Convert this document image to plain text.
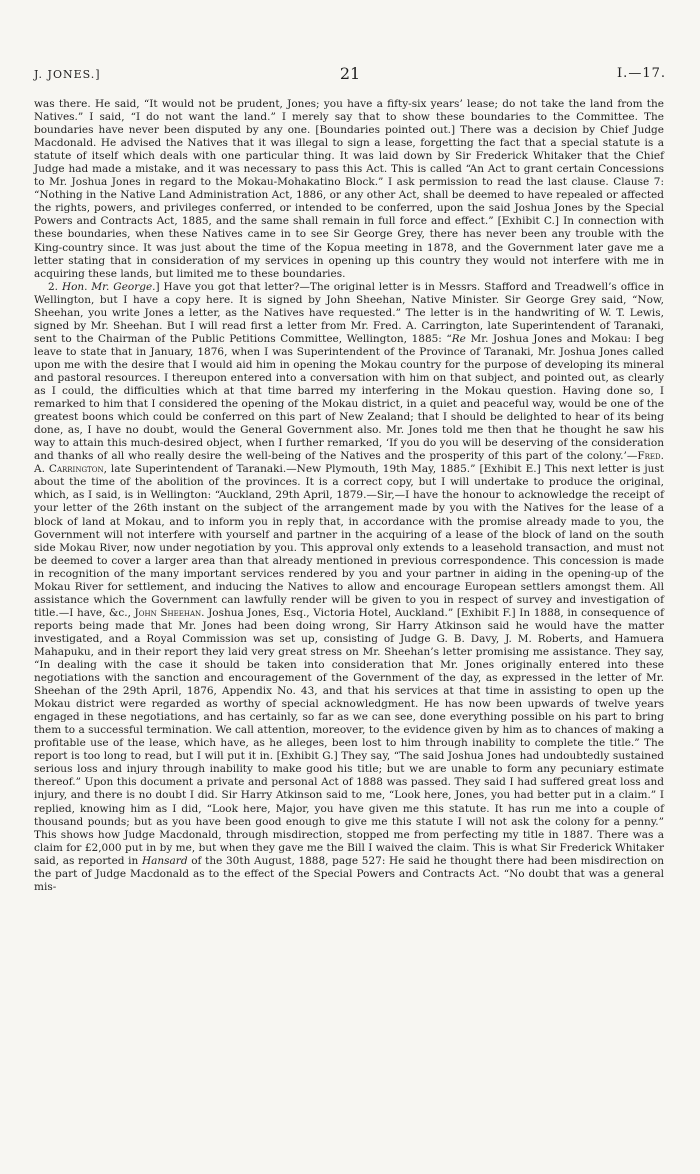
J. JONES.]	21	I.—17.

was there. He said, “It would not be prudent, Jones; you have a fifty-six years’ lease; do not take the land from the Natives.” I said, “I do not want the land.” I merely say that to show these boundaries to the Committee. The boundaries have never been disputed by any one. [Boundaries pointed out.] There was a decision by Chief Judge Macdonald. He advised the Natives that it was illegal to sign a lease, forgetting the fact that a special statute is a statute of itself which deals with one particular thing. It was laid down by Sir Frederick Whitaker that the Chief Judge had made a mistake, and it was necessary to pass this Act. This is called “An Act to grant certain Concessions to Mr. Joshua Jones in regard to the Mokau-Mohakatino Block.” I ask permission to read the last clause. Clause 7: “Nothing in the Native Land Administration Act, 1886, or any other Act, shall be deemed to have repealed or affected the rights, powers, and privileges conferred, or intended to be conferred, upon the said Joshua Jones by the Special Powers and Contracts Act, 1885, and the same shall remain in full force and effect.” [Exhibit C.] In connection with these boundaries, when these Natives came in to see Sir George Grey, there has never been any trouble with the King-country since. It was just about the time of the Kopua meeting in 1878, and the Government later gave me a letter stating that in consideration of my services in opening up this country they would not interfere with me in acquiring these lands, but limited me to these boundaries.

2. Hon. Mr. George.] Have you got that letter?—The original letter is in Messrs. Stafford and Treadwell’s office in Wellington, but I have a copy here. It is signed by John Sheehan, Native Minister. Sir George Grey said, “Now, Sheehan, you write Jones a letter, as the Natives have requested.” The letter is in the handwriting of W. T. Lewis, signed by Mr. Sheehan. But I will read first a letter from Mr. Fred. A. Carrington, late Superintendent of Taranaki, sent to the Chairman of the Public Petitions Committee, Wellington, 1885: “Re Mr. Joshua Jones and Mokau: I beg leave to state that in January, 1876, when I was Superintendent of the Province of Taranaki, Mr. Joshua Jones called upon me with the desire that I would aid him in opening the Mokau country for the purpose of developing its mineral and pastoral resources. I thereupon entered into a conversation with him on that subject, and pointed out, as clearly as I could, the difficulties which at that time barred my interfering in the Mokau question. Having done so, I remarked to him that I considered the opening of the Mokau district, in a quiet and peaceful way, would be one of the greatest boons which could be conferred on this part of New Zealand; that I should be delighted to hear of its being done, as, I have no doubt, would the General Government also. Mr. Jones told me then that he thought he saw his way to attain this much-desired object, when I further remarked, ‘If you do you will be deserving of the consideration and thanks of all who really desire the well-being of the Natives and the prosperity of this part of the colony.’—Fred. A. Carrington, late Superintendent of Taranaki.—New Plymouth, 19th May, 1885.” [Exhibit E.] This next letter is just about the time of the abolition of the provinces. It is a correct copy, but I will undertake to produce the original, which, as I said, is in Wellington: “Auckland, 29th April, 1879.—Sir,—I have the honour to acknowledge the receipt of your letter of the 26th instant on the subject of the arrangement made by you with the Natives for the lease of a block of land at Mokau, and to inform you in reply that, in accordance with the promise already made to you, the Government will not interfere with yourself and partner in the acquiring of a lease of the block of land on the south side Mokau River, now under negotiation by you. This approval only extends to a leasehold transaction, and must not be deemed to cover a larger area than that already mentioned in previous correspondence. This concession is made in recognition of the many important services rendered by you and your partner in aiding in the opening-up of the Mokau River for settlement, and inducing the Natives to allow and encourage European settlers amongst them. All assistance which the Government can lawfully render will be given to you in respect of survey and investigation of title.—I have, &c., John Sheehan. Joshua Jones, Esq., Victoria Hotel, Auckland.” [Exhibit F.] In 1888, in consequence of reports being made that Mr. Jones had been doing wrong, Sir Harry Atkinson said he would have the matter investigated, and a Royal Commission was set up, consisting of Judge G. B. Davy, J. M. Roberts, and Hamuera Mahapuku, and in their report they laid very great stress on Mr. Sheehan’s letter promising me assistance. They say, “In dealing with the case it should be taken into consideration that Mr. Jones originally entered into these negotiations with the sanction and encouragement of the Government of the day, as expressed in the letter of Mr. Sheehan of the 29th April, 1876, Appendix No. 43, and that his services at that time in assisting to open up the Mokau district were regarded as worthy of special acknowledgment. He has now been upwards of twelve years engaged in these negotiations, and has certainly, so far as we can see, done everything possible on his part to bring them to a successful termination. We call attention, moreover, to the evidence given by him as to chances of making a profitable use of the lease, which have, as he alleges, been lost to him through inability to complete the title.” The report is too long to read, but I will put it in. [Exhibit G.] They say, “The said Joshua Jones had undoubtedly sustained serious loss and injury through inability to make good his title; but we are unable to form any pecuniary estimate thereof.” Upon this document a private and personal Act of 1888 was passed. They said I had suffered great loss and injury, and there is no doubt I did. Sir Harry Atkinson said to me, “Look here, Jones, you had better put in a claim.” I replied, knowing him as I did, “Look here, Major, you have given me this statute. It has run me into a couple of thousand pounds; but as you have been good enough to give me this statute I will not ask the colony for a penny.” This shows how Judge Macdonald, through misdirection, stopped me from perfecting my title in 1887. There was a claim for £2,000 put in by me, but when they gave me the Bill I waived the claim. This is what Sir Frederick Whitaker said, as reported in Hansard of the 30th August, 1888, page 527: He said he thought there had been misdirection on the part of Judge Macdonald as to the effect of the Special Powers and Contracts Act. “No doubt that was a general mis-
